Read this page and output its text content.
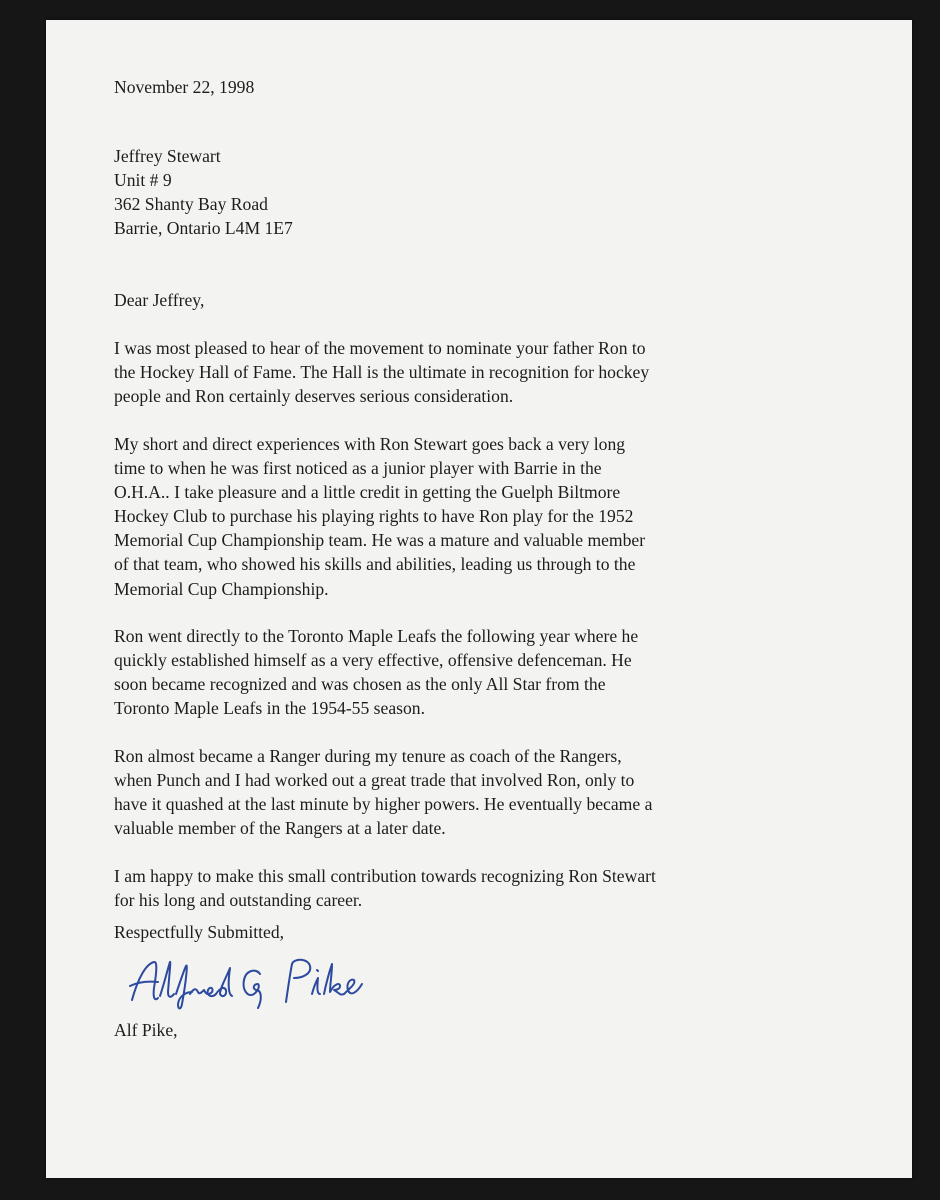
November 22, 1998
Jeffrey Stewart
Unit # 9
362 Shanty Bay Road
Barrie, Ontario L4M 1E7
Dear Jeffrey,
I was most pleased to hear of the movement to nominate your father Ron to
the Hockey Hall of Fame. The Hall is the ultimate in recognition for hockey
people and Ron certainly deserves serious consideration.
My short and direct experiences with Ron Stewart goes back a very long
time to when he was first noticed as a junior player with Barrie in the
O.H.A.. I take pleasure and a little credit in getting the Guelph Biltmore
Hockey Club to purchase his playing rights to have Ron play for the 1952
Memorial Cup Championship team. He was a mature and valuable member
of that team, who showed his skills and abilities, leading us through to the
Memorial Cup Championship.
Ron went directly to the Toronto Maple Leafs the following year where he
quickly established himself as a very effective, offensive defenceman. He
soon became recognized and was chosen as the only All Star from the
Toronto Maple Leafs in the 1954-55 season.
Ron almost became a Ranger during my tenure as coach of the Rangers,
when Punch and I had worked out a great trade that involved Ron, only to
have it quashed at the last minute by higher powers. He eventually became a
valuable member of the Rangers at a later date.
I am happy to make this small contribution towards recognizing Ron Stewart
for his long and outstanding career.
Respectfully Submitted,
Alf Pike,
